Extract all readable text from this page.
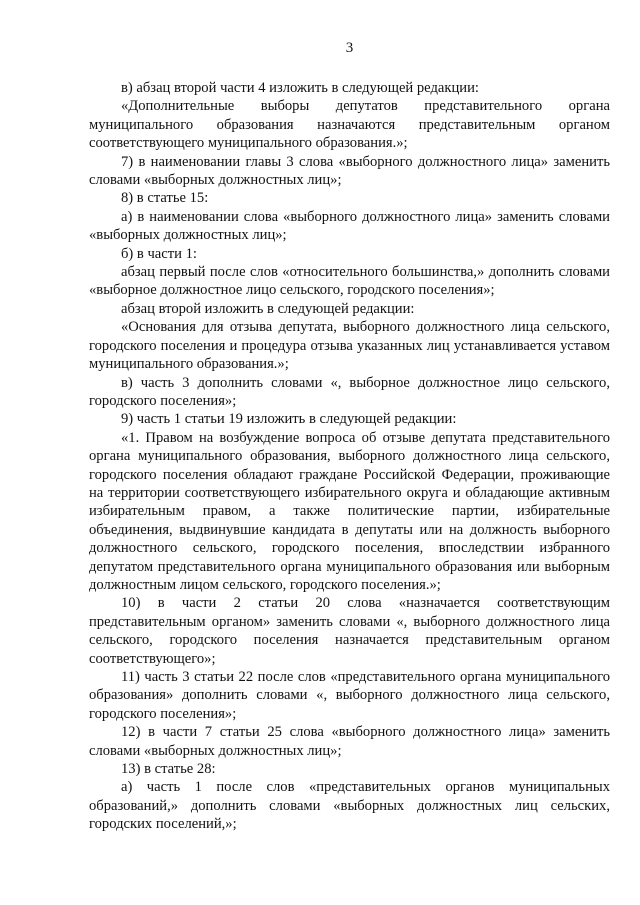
3

в) абзац второй части 4 изложить в следующей редакции:

«Дополнительные выборы депутатов представительного органа муниципального образования назначаются представительным органом соответствующего муниципального образования.»;

7) в наименовании главы 3 слова «выборного должностного лица» заменить словами «выборных должностных лиц»;

8) в статье 15:

а) в наименовании слова «выборного должностного лица» заменить словами «выборных должностных лиц»;

б) в части 1:

абзац первый после слов «относительного большинства,» дополнить словами «выборное должностное лицо сельского, городского поселения»;

абзац второй изложить в следующей редакции:

«Основания для отзыва депутата, выборного должностного лица сельского, городского поселения и процедура отзыва указанных лиц устанавливается уставом муниципального образования.»;

в) часть 3 дополнить словами «, выборное должностное лицо сельского, городского поселения»;

9) часть 1 статьи 19 изложить в следующей редакции:

«1. Правом на возбуждение вопроса об отзыве депутата представительного органа муниципального образования, выборного должностного лица сельского, городского поселения обладают граждане Российской Федерации, проживающие на территории соответствующего избирательного округа и обладающие активным избирательным правом, а также политические партии, избирательные объединения, выдвинувшие кандидата в депутаты или на должность выборного должностного сельского, городского поселения, впоследствии избранного депутатом представительного органа муниципального образования или выборным должностным лицом сельского, городского поселения.»;

10) в части 2 статьи 20 слова «назначается соответствующим представительным органом» заменить словами «, выборного должностного лица сельского, городского поселения назначается представительным органом соответствующего»;

11) часть 3 статьи 22 после слов «представительного органа муниципального образования» дополнить словами «, выборного должностного лица сельского, городского поселения»;

12) в части 7 статьи 25 слова «выборного должностного лица» заменить словами «выборных должностных лиц»;

13) в статье 28:

а) часть 1 после слов «представительных органов муниципальных образований,» дополнить словами «выборных должностных лиц сельских, городских поселений,»;
